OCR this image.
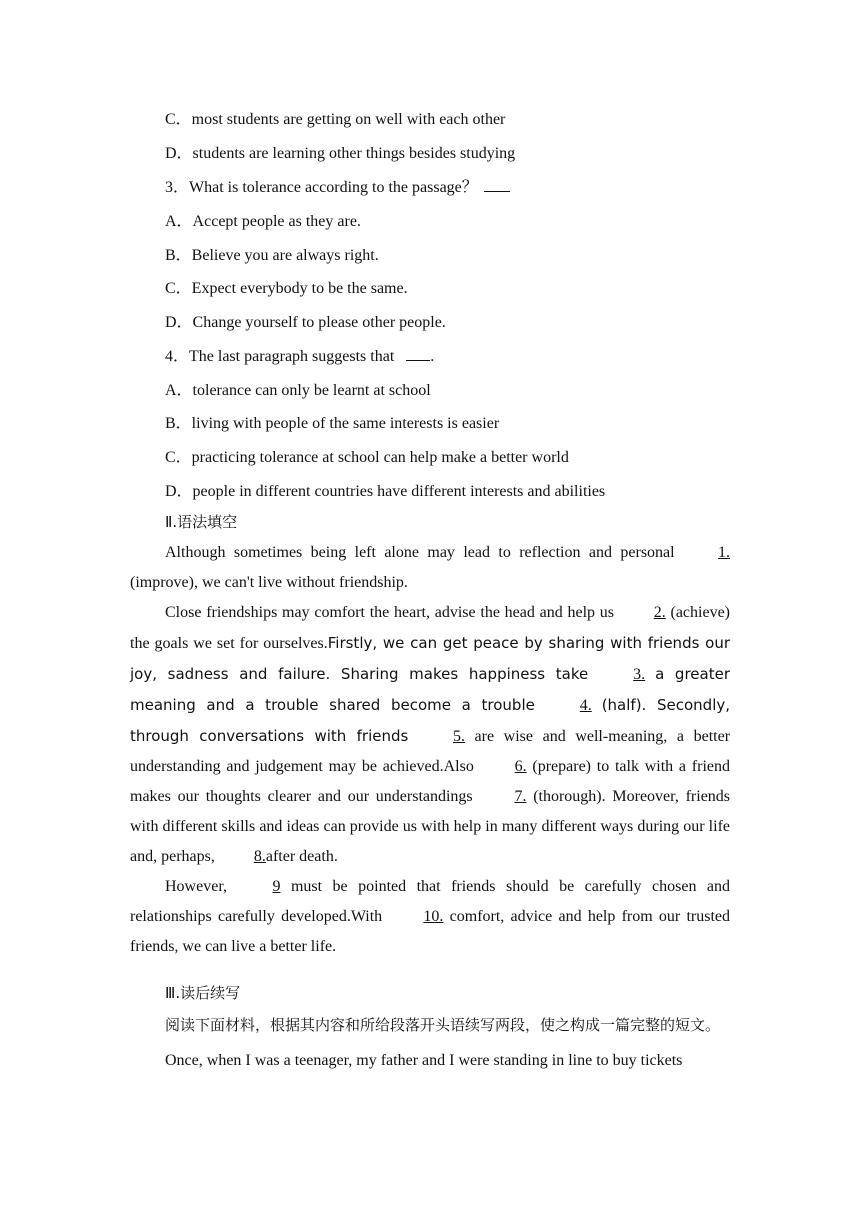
C．most students are getting on well with each other
D．students are learning other things besides studying
3．What is tolerance according to the passage？
A．Accept people as they are.
B．Believe you are always right.
C．Expect everybody to be the same.
D．Change yourself to please other people.
4．The last paragraph suggests that .
A．tolerance can only be learnt at school
B．living with people of the same interests is easier
C．practicing tolerance at school can help make a better world
D．people in different countries have different interests and abilities
Ⅱ.语法填空

Although sometimes being left alone may lead to reflection and personal	1. (improve), we can't live without friendship.

Close friendships may comfort the heart, advise the head and help us 2. (achieve) the goals we set for ourselves.Firstly, we can get peace by sharing with friends our joy, sadness and failure. Sharing makes happiness take	3. a greater meaning and a trouble shared become a trouble	4. (half). Secondly, through conversations with friends	5. are wise and well-meaning, a better understanding and judgement may be achieved.Also	6. (prepare) to talk with a friend makes our thoughts clearer and our understandings	7. (thorough). Moreover, friends with different skills and ideas can provide us with help in many different ways during our life and, perhaps, 8.after death.

However,	9 must be pointed that friends should be carefully chosen and relationships carefully developed.With	10. comfort, advice and help from our trusted friends, we can live a better life.

Ⅲ.读后续写

阅读下面材料，根据其内容和所给段落开头语续写两段，使之构成一篇完整的短文。

Once, when I was a teenager, my father and I were standing in line to buy tickets
